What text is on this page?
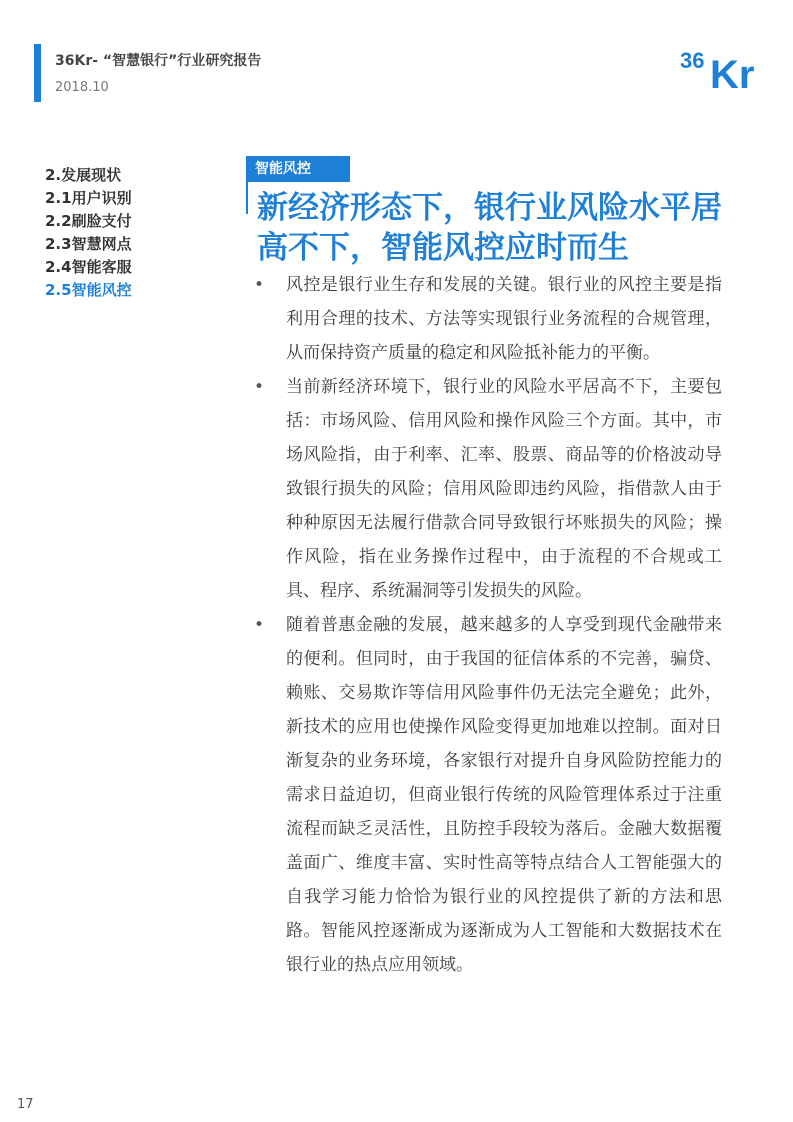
36Kr- “智慧银行”行业研究报告
2018.10
36 Kr
2.发展现状
2.1用户识别
2.2刷脸支付
2.3智慧网点
2.4智能客服
2.5智能风控
智能风控
新经济形态下，银行业风险水平居高不下，智能风控应时而生
• 风控是银行业生存和发展的关键。银行业的风控主要是指利用合理的技术、方法等实现银行业务流程的合规管理，从而保持资产质量的稳定和风险抵补能力的平衡。
• 当前新经济环境下，银行业的风险水平居高不下，主要包括：市场风险、信用风险和操作风险三个方面。其中，市场风险指，由于利率、汇率、股票、商品等的价格波动导致银行损失的风险；信用风险即违约风险，指借款人由于种种原因无法履行借款合同导致银行坏账损失的风险；操作风险，指在业务操作过程中，由于流程的不合规或工具、程序、系统漏洞等引发损失的风险。
• 随着普惠金融的发展，越来越多的人享受到现代金融带来的便利。但同时，由于我国的征信体系的不完善，骗贷、赖账、交易欺诈等信用风险事件仍无法完全避免；此外，新技术的应用也使操作风险变得更加地难以控制。面对日渐复杂的业务环境，各家银行对提升自身风险防控能力的需求日益迫切，但商业银行传统的风险管理体系过于注重流程而缺乏灵活性，且防控手段较为落后。金融大数据覆盖面广、维度丰富、实时性高等特点结合人工智能强大的自我学习能力恰恰为银行业的风控提供了新的方法和思路。智能风控逐渐成为逐渐成为人工智能和大数据技术在银行业的热点应用领域。
17
